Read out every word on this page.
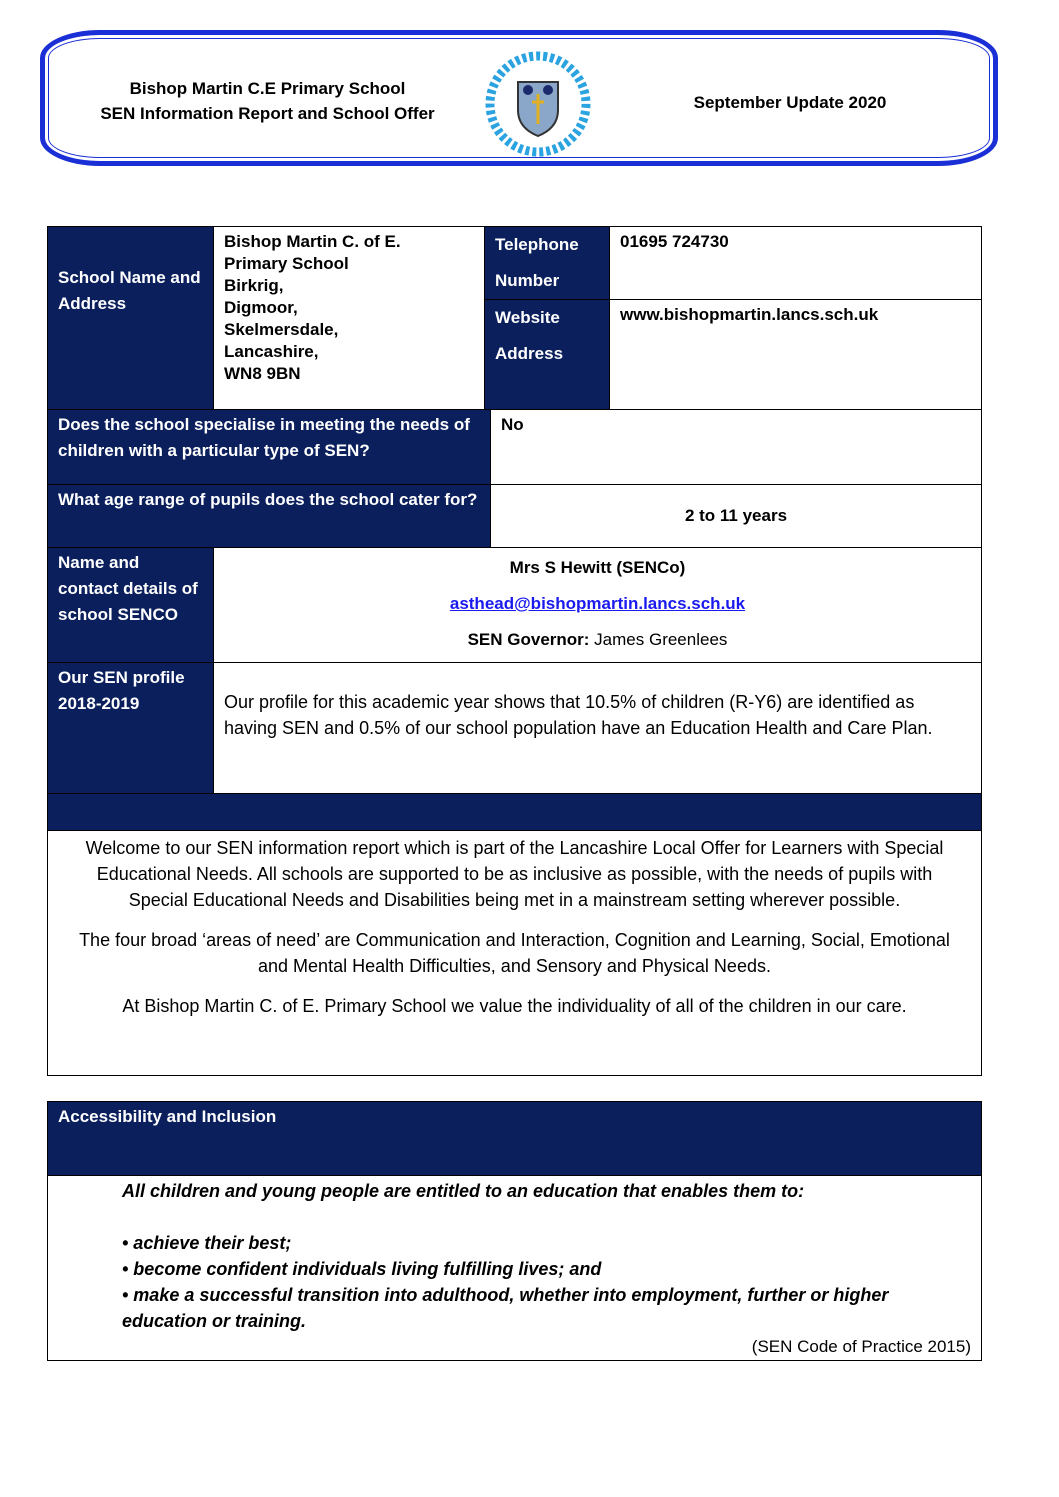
Bishop Martin C.E Primary School
SEN Information Report and School Offer
September Update 2020
School Name and Address
Bishop Martin C. of E.
Primary School
Birkrig,
Digmoor,
Skelmersdale,
Lancashire,
WN8 9BN
Telephone Number
01695 724730
Website Address
www.bishopmartin.lancs.sch.uk
Does the school specialise in meeting the needs of children with a particular type of SEN?
No
What age range of pupils does the school cater for?
2 to 11 years
Name and contact details of school SENCO
Mrs S Hewitt (SENCo)
asthead@bishopmartin.lancs.sch.uk
SEN Governor: James Greenlees
Our SEN profile 2018-2019	Our profile for this academic year shows that 10.5% of children (R-Y6) are identified as having SEN and 0.5% of our school population have an Education Health and Care Plan.

Welcome to our SEN information report which is part of the Lancashire Local Offer for Learners with Special Educational Needs. All schools are supported to be as inclusive as possible, with the needs of pupils with Special Educational Needs and Disabilities being met in a mainstream setting wherever possible.

The four broad ‘areas of need’ are Communication and Interaction, Cognition and Learning, Social, Emotional and Mental Health Difficulties, and Sensory and Physical Needs.

At Bishop Martin C. of E. Primary School we value the individuality of all of the children in our care.

Accessibility and Inclusion
All children and young people are entitled to an education that enables them to:
• achieve their best;
• become confident individuals living fulfilling lives; and
• make a successful transition into adulthood, whether into employment, further or higher education or training.
(SEN Code of Practice 2015)
